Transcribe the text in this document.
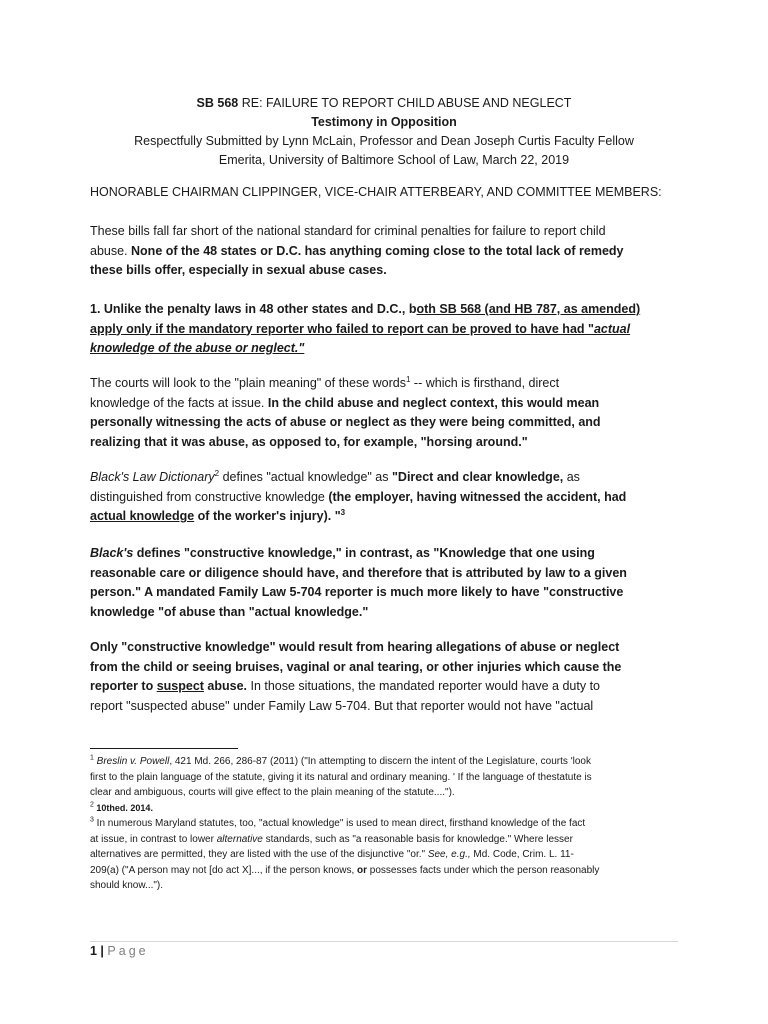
SB 568 RE: FAILURE TO REPORT CHILD ABUSE AND NEGLECT
Testimony in Opposition
Respectfully Submitted by Lynn McLain, Professor and Dean Joseph Curtis Faculty Fellow
Emerita, University of Baltimore School of Law, March 22, 2019
HONORABLE CHAIRMAN CLIPPINGER, VICE-CHAIR ATTERBEARY, AND COMMITTEE MEMBERS:
These bills fall far short of the national standard for criminal penalties for failure to report child
abuse. None of the 48 states or D.C. has anything coming close to the total lack of remedy
these bills offer, especially in sexual abuse cases.
1. Unlike the penalty laws in 48 other states and D.C., both SB 568 (and HB 787, as amended)
apply only if the mandatory reporter who failed to report can be proved to have had "actual
knowledge of the abuse or neglect."
The courts will look to the "plain meaning" of these words$^1$ -- which is firsthand, direct
knowledge of the facts at issue. In the child abuse and neglect context, this would mean
personally witnessing the acts of abuse or neglect as they were being committed, and
realizing that it was abuse, as opposed to, for example, "horsing around."
Black's Law Dictionary$^2$ defines "actual knowledge" as "Direct and clear knowledge, as
distinguished from constructive knowledge (the employer, having witnessed the accident, had
actual knowledge of the worker's injury). "$^3$
Black's defines "constructive knowledge," in contrast, as "Knowledge that one using
reasonable care or diligence should have, and therefore that is attributed by law to a given
person." A mandated Family Law 5-704 reporter is much more likely to have "constructive
knowledge "of abuse than "actual knowledge."
Only "constructive knowledge" would result from hearing allegations of abuse or neglect
from the child or seeing bruises, vaginal or anal tearing, or other injuries which cause the
reporter to suspect abuse. In those situations, the mandated reporter would have a duty to
report "suspected abuse" under Family Law 5-704. But that reporter would not have "actual
$^1$ Breslin v. Powell, 421 Md. 266, 286-87 (2011) ("In attempting to discern the intent of the Legislature, courts 'look
first to the plain language of the statute, giving it its natural and ordinary meaning. ' If the language of thestatute is
clear and ambiguous, courts will give effect to the plain meaning of the statute....").
$^2$ 10thed. 2014.
$^3$ In numerous Maryland statutes, too, "actual knowledge" is used to mean direct, firsthand knowledge of the fact
at issue, in contrast to lower alternative standards, such as "a reasonable basis for knowledge." Where lesser
alternatives are permitted, they are listed with the use of the disjunctive "or." See, e.g., Md. Code, Crim. L. 11-
209(a) ("A person may not [do act X]..., if the person knows, or possesses facts under which the person reasonably
should know...").
1 | Page
